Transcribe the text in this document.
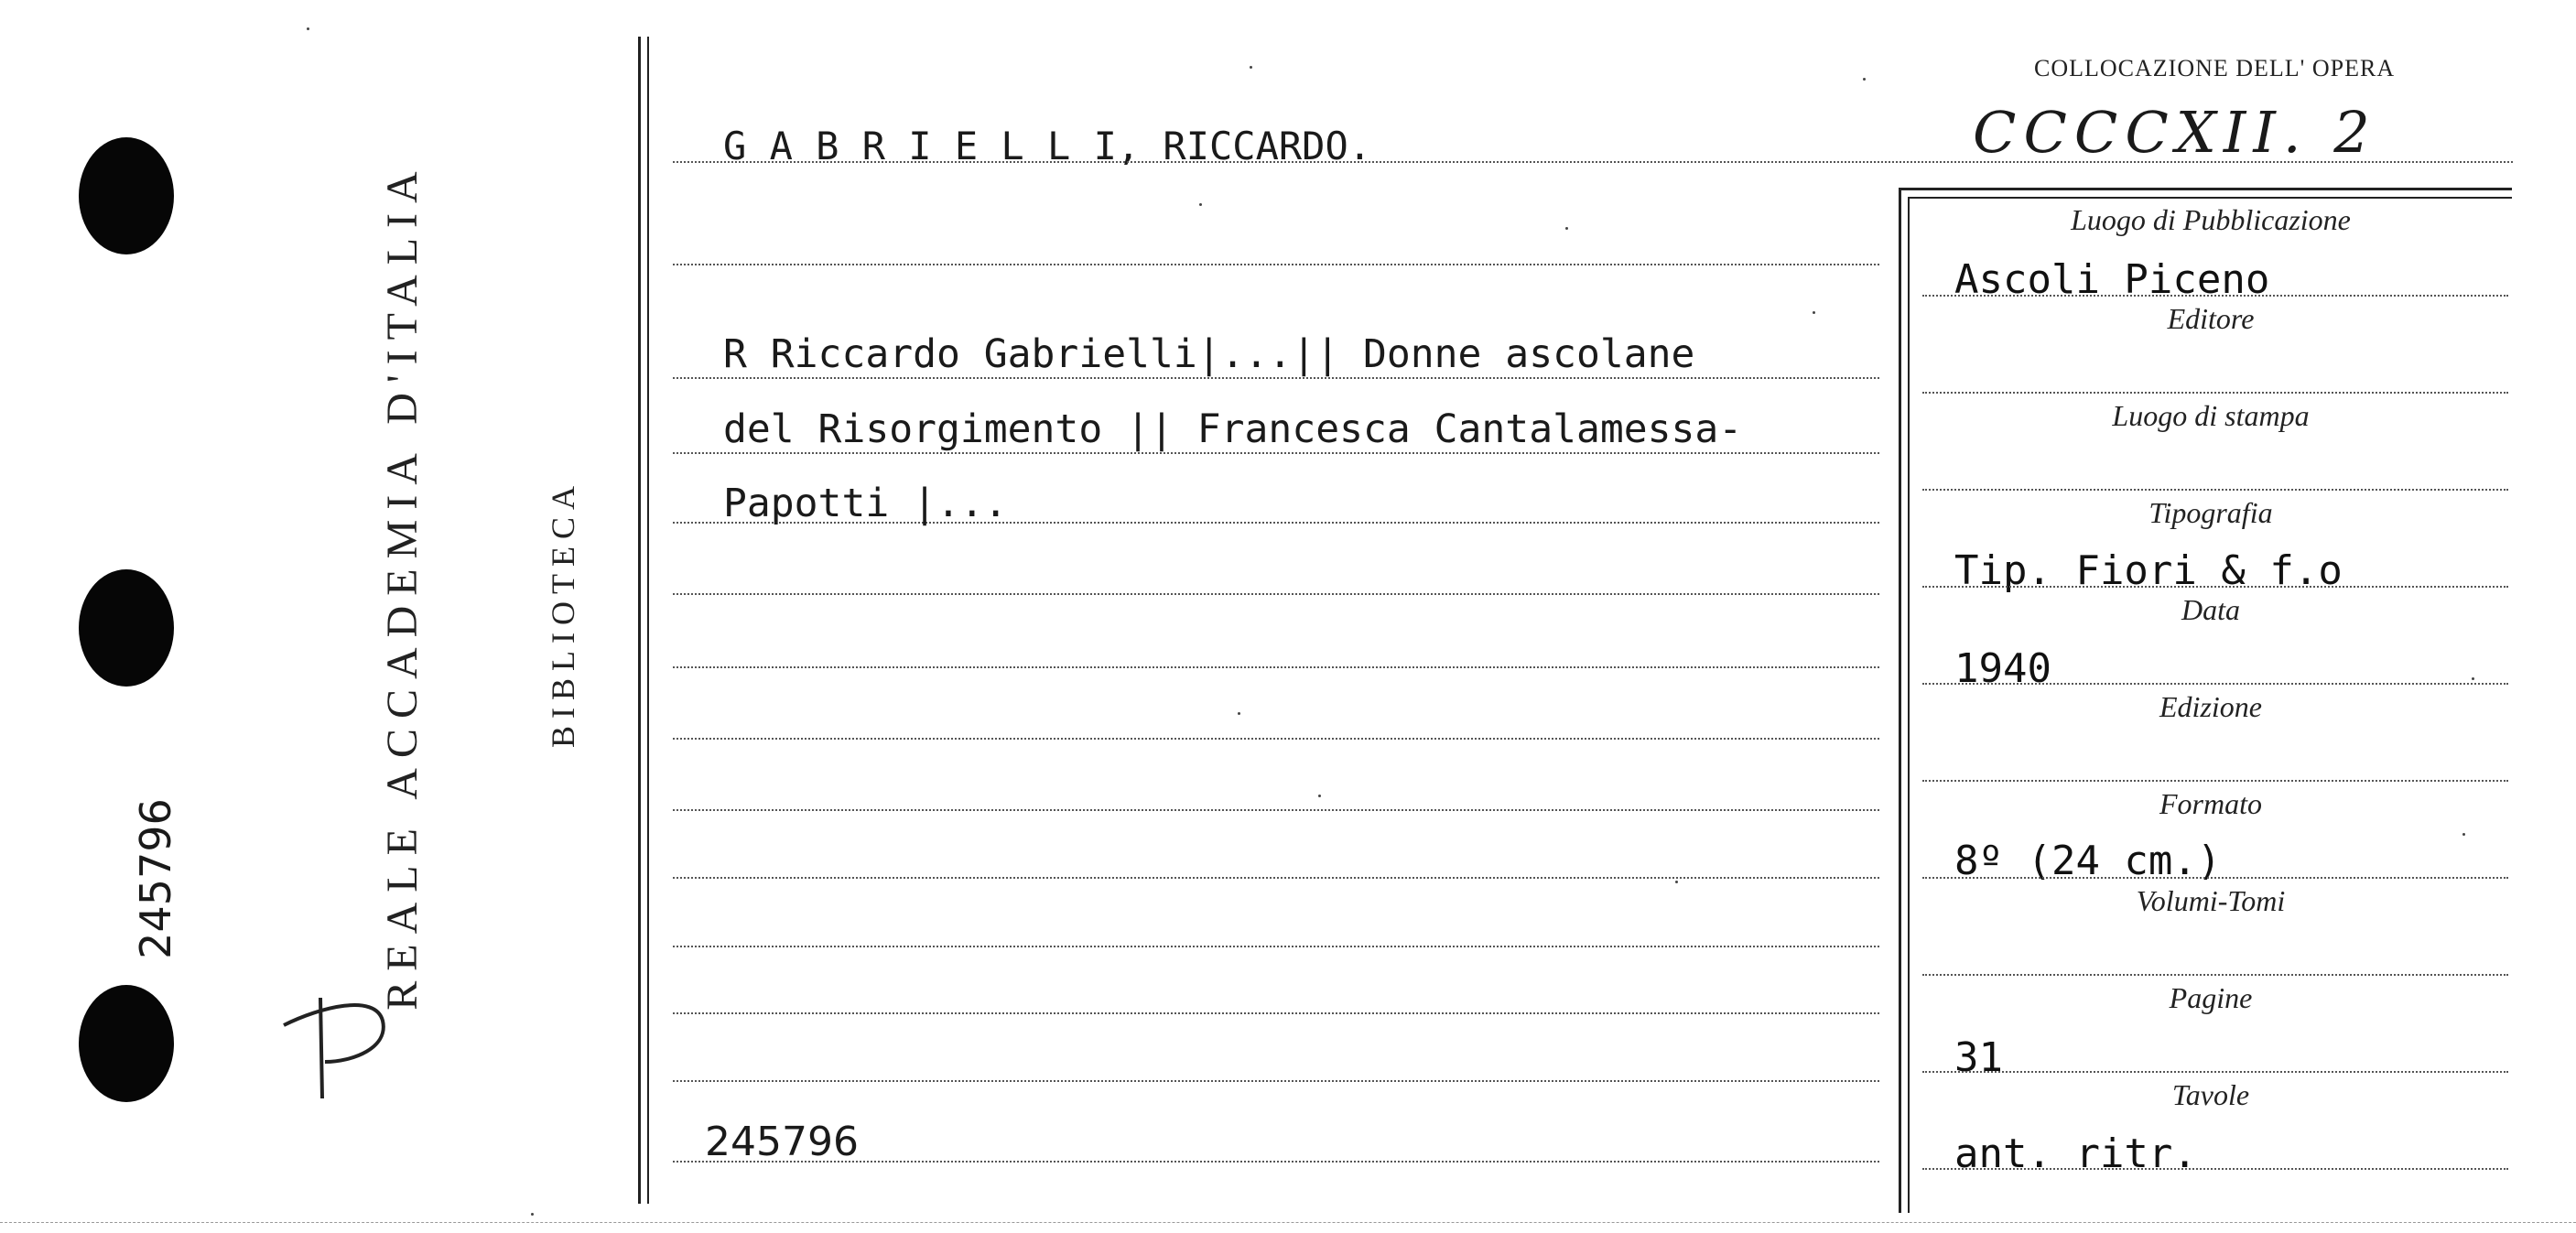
245796	REALE ACCADEMIA D'ITALIA	BIBLIOTECA
COLLOCAZIONE DELL' OPERA
CCCCXII. 2
G A B R I E L L I, RICCARDO.
R Riccardo Gabrielli|...|| Donne ascolane
del Risorgimento || Francesca Cantalamessa-
Papotti |...
245796
Luogo di Pubblicazione
Ascoli Piceno
Editore
Luogo di stampa
Tipografia
Tip. Fiori & f.o
Data
1940
Edizione
Formato
8º (24 cm.)
Volumi-Tomi
Pagine
31
Tavole
ant. ritr.
